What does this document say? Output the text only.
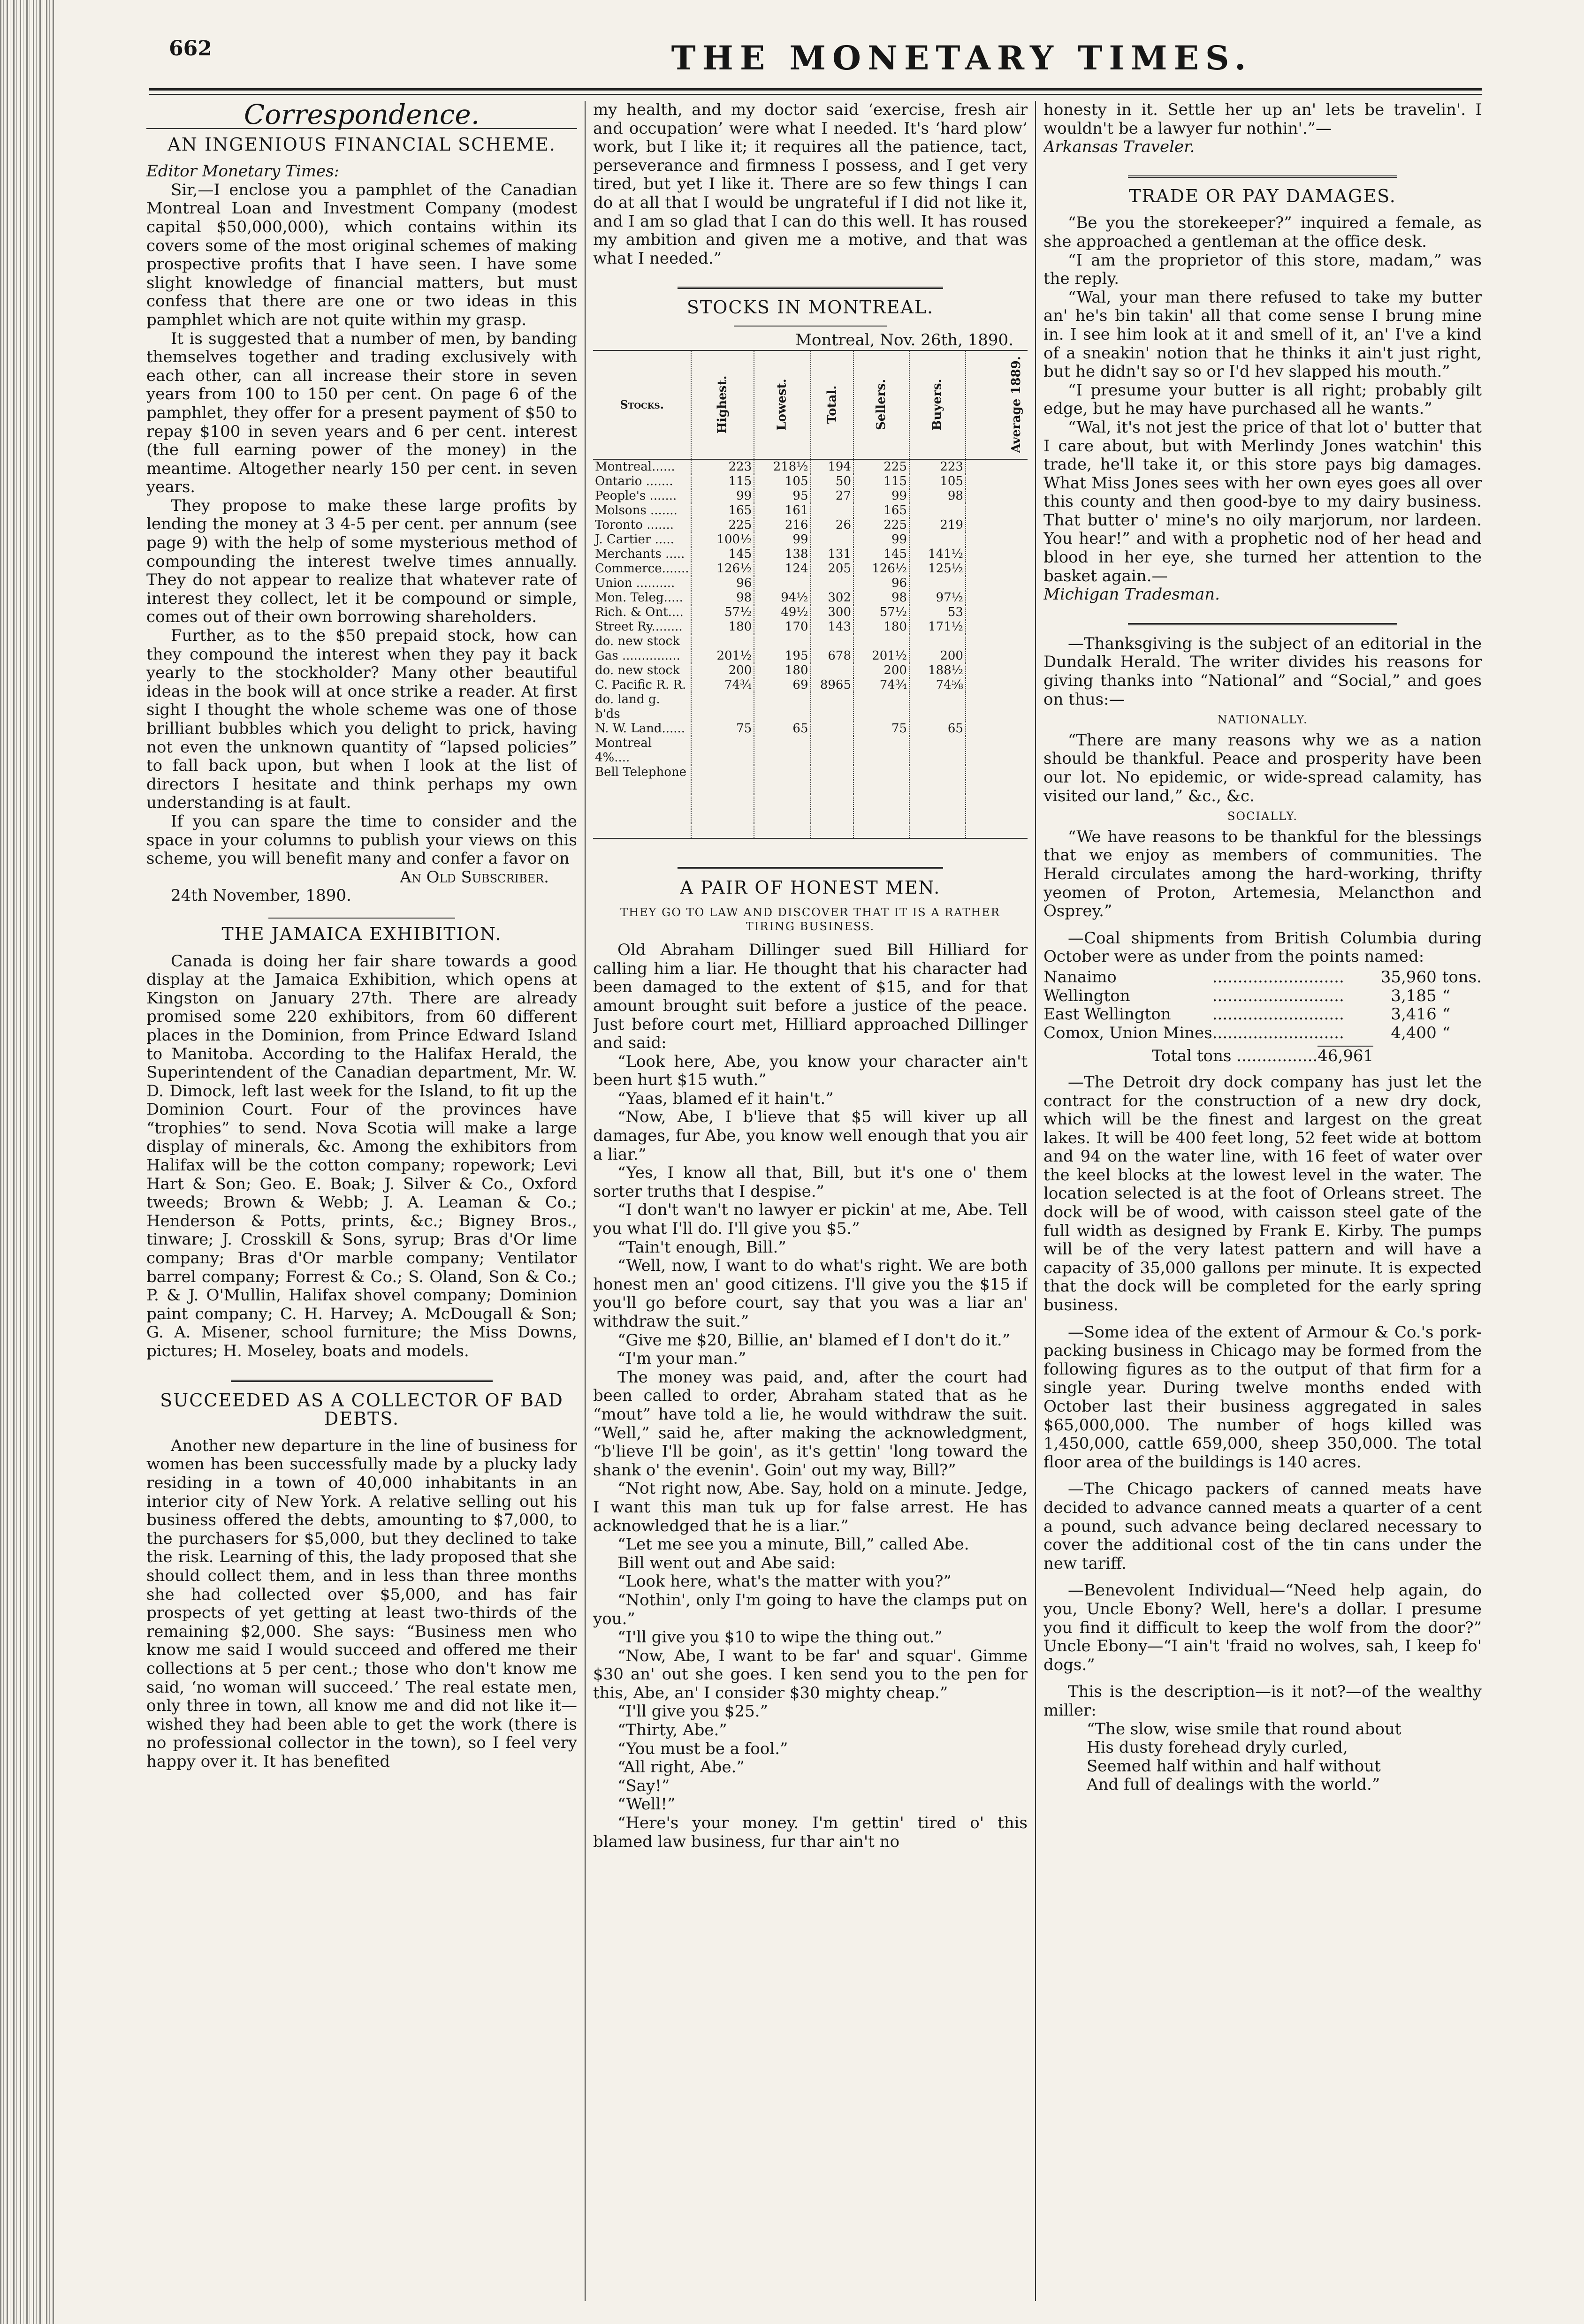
662	THE MONETARY TIMES.
Correspondence.
AN INGENIOUS FINANCIAL SCHEME.

Editor Monetary Times:

Sir,—I enclose you a pamphlet of the Canadian Montreal Loan and Investment Company (modest capital $50,000,000), which contains within its covers some of the most original schemes of making prospective profits that I have seen. I have some slight knowledge of financial matters, but must confess that there are one or two ideas in this pamphlet which are not quite within my grasp.

It is suggested that a number of men, by banding themselves together and trading exclusively with each other, can all increase their store in seven years from 100 to 150 per cent. On page 6 of the pamphlet, they offer for a present payment of $50 to repay $100 in seven years and 6 per cent. interest (the full earning power of the money) in the meantime. Altogether nearly 150 per cent. in seven years.

They propose to make these large profits by lending the money at 3 4-5 per cent. per annum (see page 9) with the help of some mysterious method of compounding the interest twelve times annually. They do not appear to realize that whatever rate of interest they collect, let it be compound or simple, comes out of their own borrowing shareholders.

Further, as to the $50 prepaid stock, how can they compound the interest when they pay it back yearly to the stockholder? Many other beautiful ideas in the book will at once strike a reader. At first sight I thought the whole scheme was one of those brilliant bubbles which you delight to prick, having not even the unknown quantity of “lapsed policies” to fall back upon, but when I look at the list of directors I hesitate and think perhaps my own understanding is at fault.

If you can spare the time to consider and the space in your columns to publish your views on this scheme, you will benefit many and confer a favor on

An Old Subscriber.

24th November, 1890.

THE JAMAICA EXHIBITION.

Canada is doing her fair share towards a good display at the Jamaica Exhibition, which opens at Kingston on January 27th. There are already promised some 220 exhibitors, from 60 different places in the Dominion, from Prince Edward Island to Manitoba. According to the Halifax Herald, the Superintendent of the Canadian department, Mr. W. D. Dimock, left last week for the Island, to fit up the Dominion Court. Four of the provinces have “trophies” to send. Nova Scotia will make a large display of minerals, &c. Among the exhibitors from Halifax will be the cotton company; ropework; Levi Hart & Son; Geo. E. Boak; J. Silver & Co., Oxford tweeds; Brown & Webb; J. A. Leaman & Co.; Henderson & Potts, prints, &c.; Bigney Bros., tinware; J. Crosskill & Sons, syrup; Bras d'Or lime company; Bras d'Or marble company; Ventilator barrel company; Forrest & Co.; S. Oland, Son & Co.; P. & J. O'Mullin, Halifax shovel company; Dominion paint company; C. H. Harvey; A. McDougall & Son; G. A. Misener, school furniture; the Miss Downs, pictures; H. Moseley, boats and models.

SUCCEEDED AS A COLLECTOR OF BAD DEBTS.

Another new departure in the line of business for women has been successfully made by a plucky lady residing in a town of 40,000 inhabitants in an interior city of New York. A relative selling out his business offered the debts, amounting to $7,000, to the purchasers for $5,000, but they declined to take the risk. Learning of this, the lady proposed that she should collect them, and in less than three months she had collected over $5,000, and has fair prospects of yet getting at least two-thirds of the remaining $2,000. She says: “Business men who know me said I would succeed and offered me their collections at 5 per cent.; those who don't know me said, ‘no woman will succeed.’ The real estate men, only three in town, all know me and did not like it—wished they had been able to get the work (there is no professional collector in the town), so I feel very happy over it. It has benefited

my health, and my doctor said ‘exercise, fresh air and occupation’ were what I needed. It's ‘hard plow’ work, but I like it; it requires all the patience, tact, perseverance and firmness I possess, and I get very tired, but yet I like it. There are so few things I can do at all that I would be ungrateful if I did not like it, and I am so glad that I can do this well. It has roused my ambition and given me a motive, and that was what I needed.”

STOCKS IN MONTREAL.

Montreal, Nov. 26th, 1890.

Stocks.	Highest.	Lowest.	Total.	Sellers.	Buyers.	Average 1889.
Montreal......	223	218½	194	225	223	
Ontario .......	115	105	50	115	105	
People's .......	99	95	27	99	98	
Molsons .......	165	161		165		
Toronto .......	225	216	26	225	219	
J. Cartier .....	100½	99		99		
Merchants .....	145	138	131	145	141½	
Commerce.......	126½	124	205	126½	125½	
Union ..........	96			96		
Mon. Teleg.....	98	94½	302	98	97½	
Rich. & Ont....	57½	49½	300	57½	53	
Street Ry........	180	170	143	180	171½	
do. new stock						
Gas ...............	201½	195	678	201½	200	
do. new stock	200	180		200	188½	
C. Pacific R. R.	74¾	69	8965	74¾	74⅝	
do. land g. b'ds						
N. W. Land......	75	65		75	65	
Montreal 4%....						
Bell Telephone						

A PAIR OF HONEST MEN.
THEY GO TO LAW AND DISCOVER THAT IT IS A RATHER TIRING BUSINESS.

Old Abraham Dillinger sued Bill Hilliard for calling him a liar. He thought that his character had been damaged to the extent of $15, and for that amount brought suit before a justice of the peace. Just before court met, Hilliard approached Dillinger and said:

“Look here, Abe, you know your character ain't been hurt $15 wuth.”

“Yaas, blamed ef it hain't.”

“Now, Abe, I b'lieve that $5 will kiver up all damages, fur Abe, you know well enough that you air a liar.”

“Yes, I know all that, Bill, but it's one o' them sorter truths that I despise.”

“I don't wan't no lawyer er pickin' at me, Abe. Tell you what I'll do. I'll give you $5.”

“Tain't enough, Bill.”

“Well, now, I want to do what's right. We are both honest men an' good citizens. I'll give you the $15 if you'll go before court, say that you was a liar an' withdraw the suit.”

“Give me $20, Billie, an' blamed ef I don't do it.”

“I'm your man.”

The money was paid, and, after the court had been called to order, Abraham stated that as he “mout” have told a lie, he would withdraw the suit. “Well,” said he, after making the acknowledgment, “b'lieve I'll be goin', as it's gettin' 'long toward the shank o' the evenin'. Goin' out my way, Bill?”

“Not right now, Abe. Say, hold on a minute. Jedge, I want this man tuk up for false arrest. He has acknowledged that he is a liar.”

“Let me see you a minute, Bill,” called Abe.

Bill went out and Abe said:

“Look here, what's the matter with you?”

“Nothin', only I'm going to have the clamps put on you.”

“I'll give you $10 to wipe the thing out.”

“Now, Abe, I want to be far' and squar'. Gimme $30 an' out she goes. I ken send you to the pen for this, Abe, an' I consider $30 mighty cheap.”

“I'll give you $25.”

“Thirty, Abe.”

“You must be a fool.”

“All right, Abe.”

“Say!”

“Well!”

“Here's your money. I'm gettin' tired o' this blamed law business, fur thar ain't no

honesty in it. Settle her up an' lets be travelin'. I wouldn't be a lawyer fur nothin'.”—

Arkansas Traveler.

TRADE OR PAY DAMAGES.

“Be you the storekeeper?” inquired a female, as she approached a gentleman at the office desk.

“I am the proprietor of this store, madam,” was the reply.

“Wal, your man there refused to take my butter an' he's bin takin' all that come sense I brung mine in. I see him look at it and smell of it, an' I've a kind of a sneakin' notion that he thinks it ain't just right, but he didn't say so or I'd hev slapped his mouth.”

“I presume your butter is all right; probably gilt edge, but he may have purchased all he wants.”

“Wal, it's not jest the price of that lot o' butter that I care about, but with Merlindy Jones watchin' this trade, he'll take it, or this store pays big damages. What Miss Jones sees with her own eyes goes all over this county and then good-bye to my dairy business. That butter o' mine's no oily marjorum, nor lardeen. You hear!” and with a prophetic nod of her head and blood in her eye, she turned her attention to the basket again.—

Michigan Tradesman.

—Thanksgiving is the subject of an editorial in the Dundalk Herald. The writer divides his reasons for giving thanks into “National” and “Social,” and goes on thus:—

NATIONALLY.

“There are many reasons why we as a nation should be thankful. Peace and prosperity have been our lot. No epidemic, or wide-spread calamity, has visited our land,” &c., &c.

SOCIALLY.

“We have reasons to be thankful for the blessings that we enjoy as members of communities. The Herald circulates among the hard-working, thrifty yeomen of Proton, Artemesia, Melancthon and Osprey.”

—Coal shipments from British Columbia during October were as under from the points named:

Nanaimo	..........................	35,960	tons.
Wellington	..........................	3,185	“
East Wellington	..........................	3,416	“
Comox, Union Mines	..........................	4,400	“

Total tons ................46,961

—The Detroit dry dock company has just let the contract for the construction of a new dry dock, which will be the finest and largest on the great lakes. It will be 400 feet long, 52 feet wide at bottom and 94 on the water line, with 16 feet of water over the keel blocks at the lowest level in the water. The location selected is at the foot of Orleans street. The dock will be of wood, with caisson steel gate of the full width as designed by Frank E. Kirby. The pumps will be of the very latest pattern and will have a capacity of 35,000 gallons per minute. It is expected that the dock will be completed for the early spring business.

—Some idea of the extent of Armour & Co.'s pork-packing business in Chicago may be formed from the following figures as to the output of that firm for a single year. During twelve months ended with October last their business aggregated in sales $65,000,000. The number of hogs killed was 1,450,000, cattle 659,000, sheep 350,000. The total floor area of the buildings is 140 acres.

—The Chicago packers of canned meats have decided to advance canned meats a quarter of a cent a pound, such advance being declared necessary to cover the additional cost of the tin cans under the new tariff.

—Benevolent Individual—“Need help again, do you, Uncle Ebony? Well, here's a dollar. I presume you find it difficult to keep the wolf from the door?” Uncle Ebony—“I ain't 'fraid no wolves, sah, I keep fo' dogs.”

This is the description—is it not?—of the wealthy miller:

“The slow, wise smile that round about

His dusty forehead dryly curled,

Seemed half within and half without

And full of dealings with the world.”
